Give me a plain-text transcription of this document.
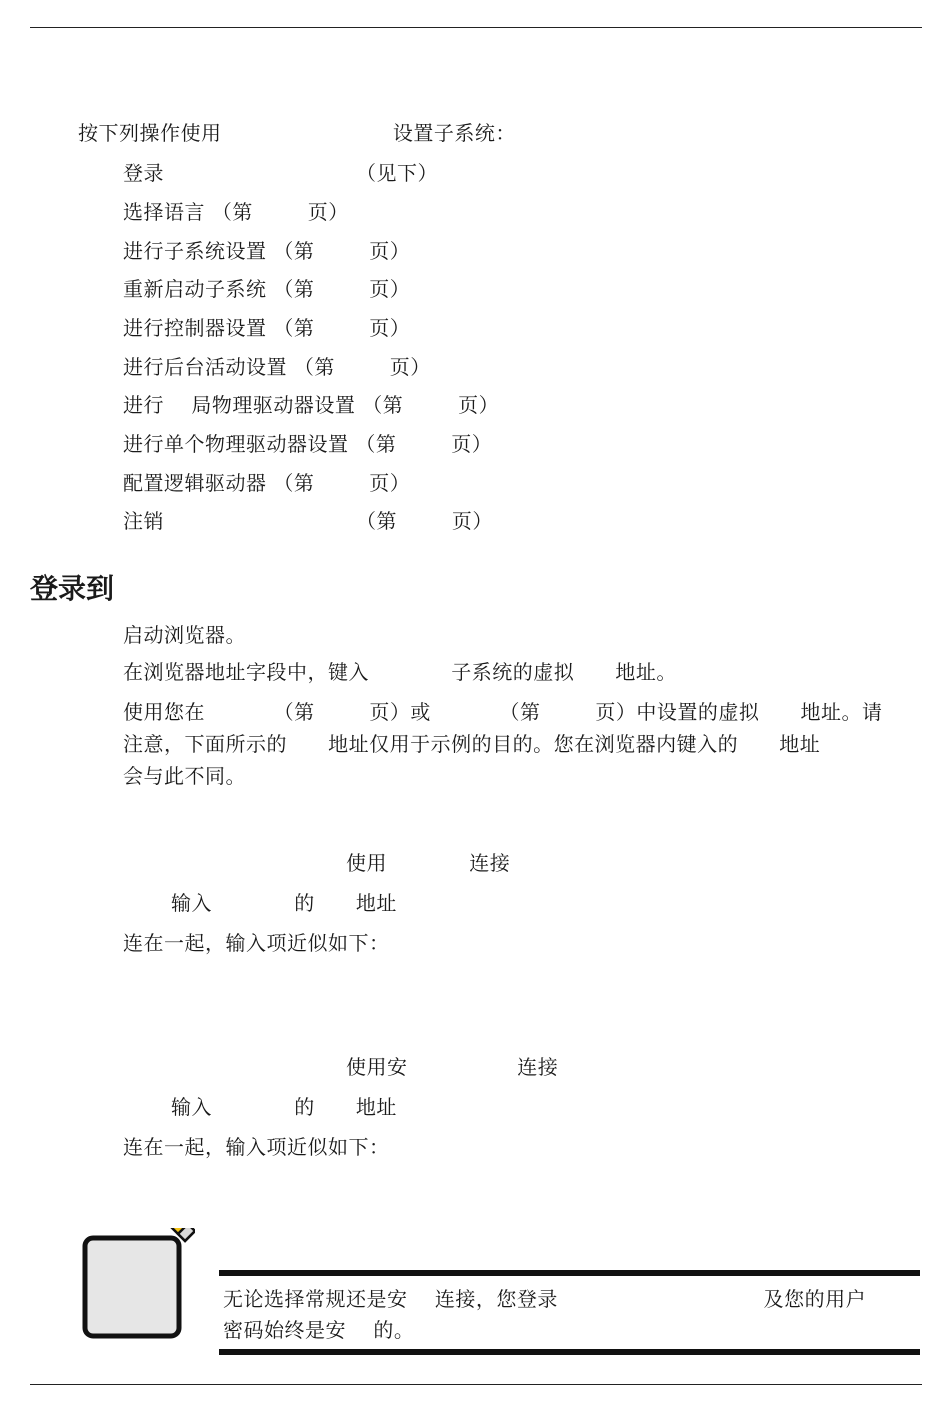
按下列操作使用                         设置子系统：
登录                            （见下）
选择语言 （第        页）
进行子系统设置 （第        页）
重新启动子系统 （第        页）
进行控制器设置 （第        页）
进行后台活动设置 （第        页）
进行    局物理驱动器设置 （第        页）
进行单个物理驱动器设置 （第        页）
配置逻辑驱动器 （第        页）
注销                            （第        页）
登录到
启动浏览器。
在浏览器地址字段中，键入            子系统的虚拟      地址。
使用您在          （第        页）或          （第        页）中设置的虚拟      地址。请
注意，下面所示的      地址仅用于示例的目的。您在浏览器内键入的      地址
会与此不同。
使用            连接
输入            的      地址
连在一起，输入项近似如下：
使用安                连接
输入            的      地址
连在一起，输入项近似如下：
无论选择常规还是安    连接，您登录                              及您的用户
密码始终是安    的。
